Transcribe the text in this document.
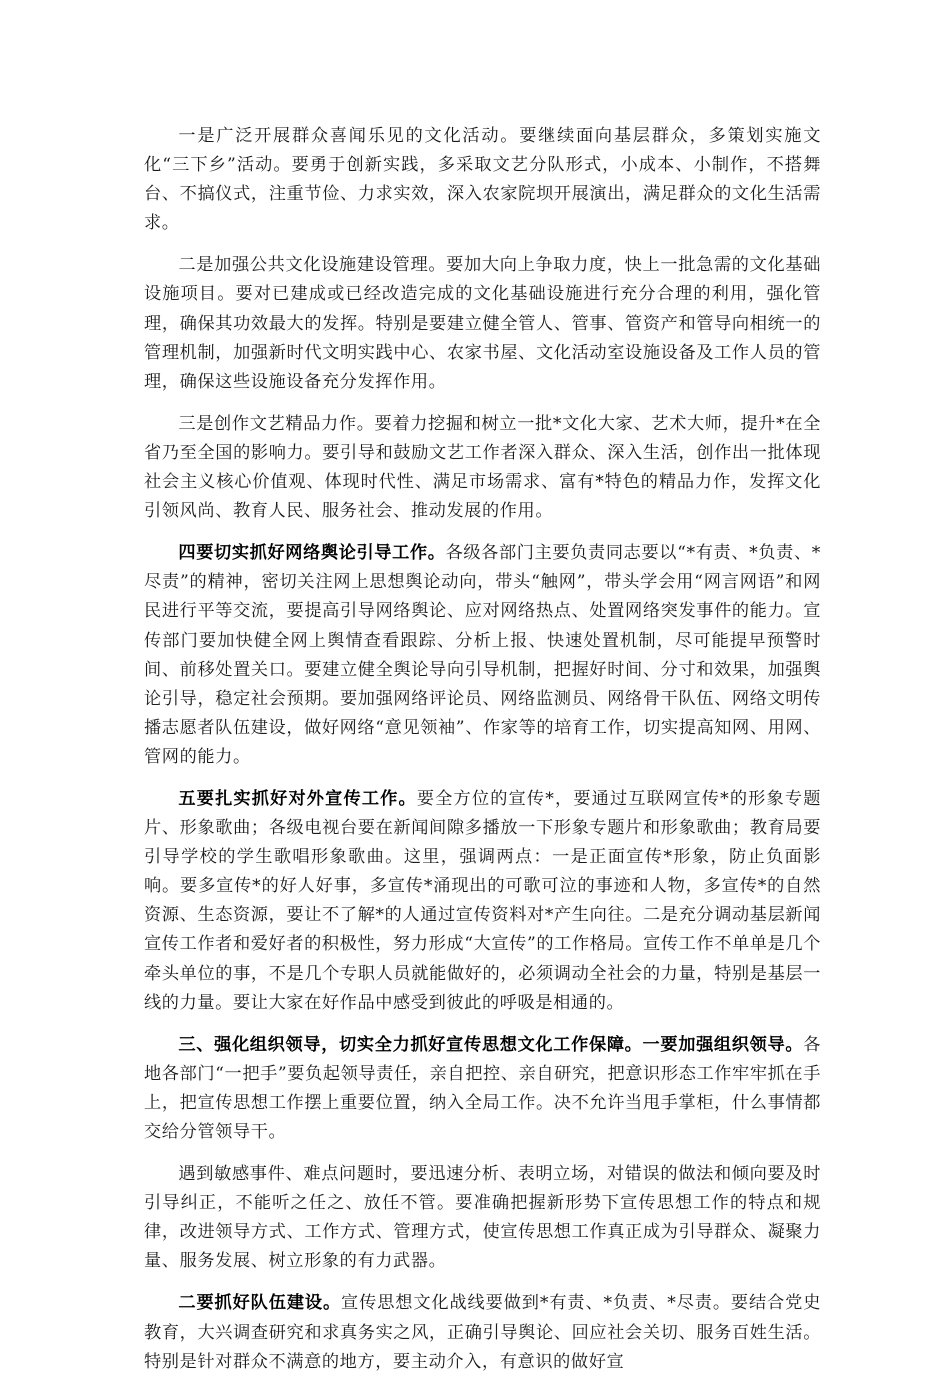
一是广泛开展群众喜闻乐见的文化活动。要继续面向基层群众，多策划实施文化“三下乡”活动。要勇于创新实践，多采取文艺分队形式，小成本、小制作，不搭舞台、不搞仪式，注重节俭、力求实效，深入农家院坝开展演出，满足群众的文化生活需求。

二是加强公共文化设施建设管理。要加大向上争取力度，快上一批急需的文化基础设施项目。要对已建成或已经改造完成的文化基础设施进行充分合理的利用，强化管理，确保其功效最大的发挥。特别是要建立健全管人、管事、管资产和管导向相统一的管理机制，加强新时代文明实践中心、农家书屋、文化活动室设施设备及工作人员的管理，确保这些设施设备充分发挥作用。

三是创作文艺精品力作。要着力挖掘和树立一批*文化大家、艺术大师，提升*在全省乃至全国的影响力。要引导和鼓励文艺工作者深入群众、深入生活，创作出一批体现社会主义核心价值观、体现时代性、满足市场需求、富有*特色的精品力作，发挥文化引领风尚、教育人民、服务社会、推动发展的作用。

四要切实抓好网络舆论引导工作。各级各部门主要负责同志要以“*有责、*负责、*尽责”的精神，密切关注网上思想舆论动向，带头“触网”，带头学会用“网言网语”和网民进行平等交流，要提高引导网络舆论、应对网络热点、处置网络突发事件的能力。宣传部门要加快健全网上舆情查看跟踪、分析上报、快速处置机制，尽可能提早预警时间、前移处置关口。要建立健全舆论导向引导机制，把握好时间、分寸和效果，加强舆论引导，稳定社会预期。要加强网络评论员、网络监测员、网络骨干队伍、网络文明传播志愿者队伍建设，做好网络“意见领袖”、作家等的培育工作，切实提高知网、用网、管网的能力。

五要扎实抓好对外宣传工作。要全方位的宣传*，要通过互联网宣传*的形象专题片、形象歌曲；各级电视台要在新闻间隙多播放一下形象专题片和形象歌曲；教育局要引导学校的学生歌唱形象歌曲。这里，强调两点：一是正面宣传*形象，防止负面影响。要多宣传*的好人好事，多宣传*涌现出的可歌可泣的事迹和人物，多宣传*的自然资源、生态资源，要让不了解*的人通过宣传资料对*产生向往。二是充分调动基层新闻宣传工作者和爱好者的积极性，努力形成“大宣传”的工作格局。宣传工作不单单是几个牵头单位的事，不是几个专职人员就能做好的，必须调动全社会的力量，特别是基层一线的力量。要让大家在好作品中感受到彼此的呼吸是相通的。

三、强化组织领导，切实全力抓好宣传思想文化工作保障。一要加强组织领导。各地各部门“一把手”要负起领导责任，亲自把控、亲自研究，把意识形态工作牢牢抓在手上，把宣传思想工作摆上重要位置，纳入全局工作。决不允许当甩手掌柜，什么事情都交给分管领导干。

遇到敏感事件、难点问题时，要迅速分析、表明立场，对错误的做法和倾向要及时引导纠正，不能听之任之、放任不管。要准确把握新形势下宣传思想工作的特点和规律，改进领导方式、工作方式、管理方式，使宣传思想工作真正成为引导群众、凝聚力量、服务发展、树立形象的有力武器。

二要抓好队伍建设。宣传思想文化战线要做到*有责、*负责、*尽责。要结合党史教育，大兴调查研究和求真务实之风，正确引导舆论、回应社会关切、服务百姓生活。特别是针对群众不满意的地方，要主动介入，有意识的做好宣
